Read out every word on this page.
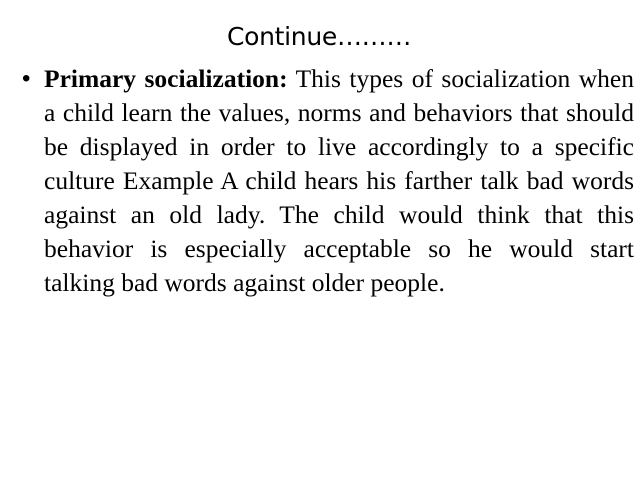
Continue………
• Primary socialization: This types of socialization when a child learn the values, norms and behaviors that should be displayed in order to live accordingly to a specific culture Example A child hears his farther talk bad words against an old lady. The child would think that this behavior is especially acceptable so he would start talking bad words against older people.
